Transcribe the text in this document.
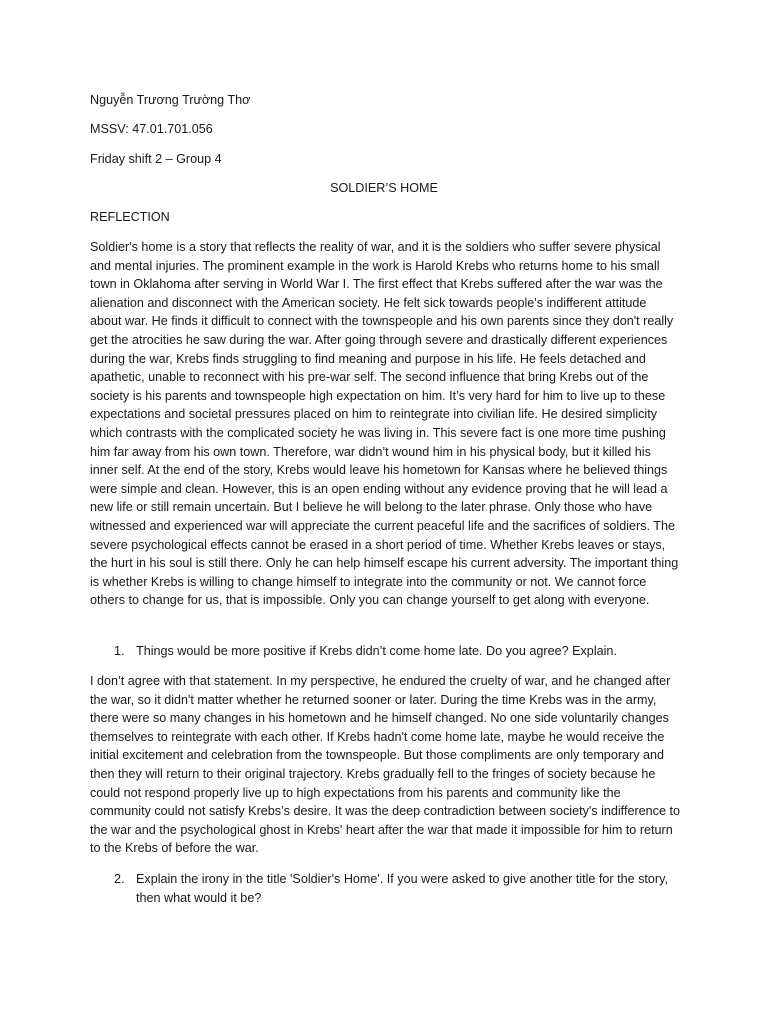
Nguyễn Trương Trường Thơ
MSSV: 47.01.701.056
Friday shift 2 – Group 4
SOLDIER’S HOME
REFLECTION
Soldier's home is a story that reflects the reality of war, and it is the soldiers who suffer severe physical and mental injuries. The prominent example in the work is Harold Krebs who returns home to his small town in Oklahoma after serving in World War I. The first effect that Krebs suffered after the war was the alienation and disconnect with the American society. He felt sick towards people's indifferent attitude about war. He finds it difficult to connect with the townspeople and his own parents since they don't really get the atrocities he saw during the war. After going through severe and drastically different experiences during the war, Krebs finds struggling to find meaning and purpose in his life. He feels detached and apathetic, unable to reconnect with his pre-war self. The second influence that bring Krebs out of the society is his parents and townspeople high expectation on him. It’s very hard for him to live up to these expectations and societal pressures placed on him to reintegrate into civilian life. He desired simplicity which contrasts with the complicated society he was living in. This severe fact is one more time pushing him far away from his own town. Therefore, war didn’t wound him in his physical body, but it killed his inner self. At the end of the story, Krebs would leave his hometown for Kansas where he believed things were simple and clean. However, this is an open ending without any evidence proving that he will lead a new life or still remain uncertain. But I believe he will belong to the later phrase. Only those who have witnessed and experienced war will appreciate the current peaceful life and the sacrifices of soldiers. The severe psychological effects cannot be erased in a short period of time. Whether Krebs leaves or stays, the hurt in his soul is still there. Only he can help himself escape his current adversity. The important thing is whether Krebs is willing to change himself to integrate into the community or not. We cannot force others to change for us, that is impossible. Only you can change yourself to get along with everyone.
1. Things would be more positive if Krebs didn’t come home late. Do you agree? Explain.
I don’t agree with that statement. In my perspective, he endured the cruelty of war, and he changed after the war, so it didn't matter whether he returned sooner or later. During the time Krebs was in the army, there were so many changes in his hometown and he himself changed. No one side voluntarily changes themselves to reintegrate with each other. If Krebs hadn't come home late, maybe he would receive the initial excitement and celebration from the townspeople. But those compliments are only temporary and then they will return to their original trajectory. Krebs gradually fell to the fringes of society because he could not respond properly live up to high expectations from his parents and community like the community could not satisfy Krebs’s desire. It was the deep contradiction between society's indifference to the war and the psychological ghost in Krebs' heart after the war that made it impossible for him to return to the Krebs of before the war.
2. Explain the irony in the title 'Soldier's Home'. If you were asked to give another title for the story, then what would it be?
